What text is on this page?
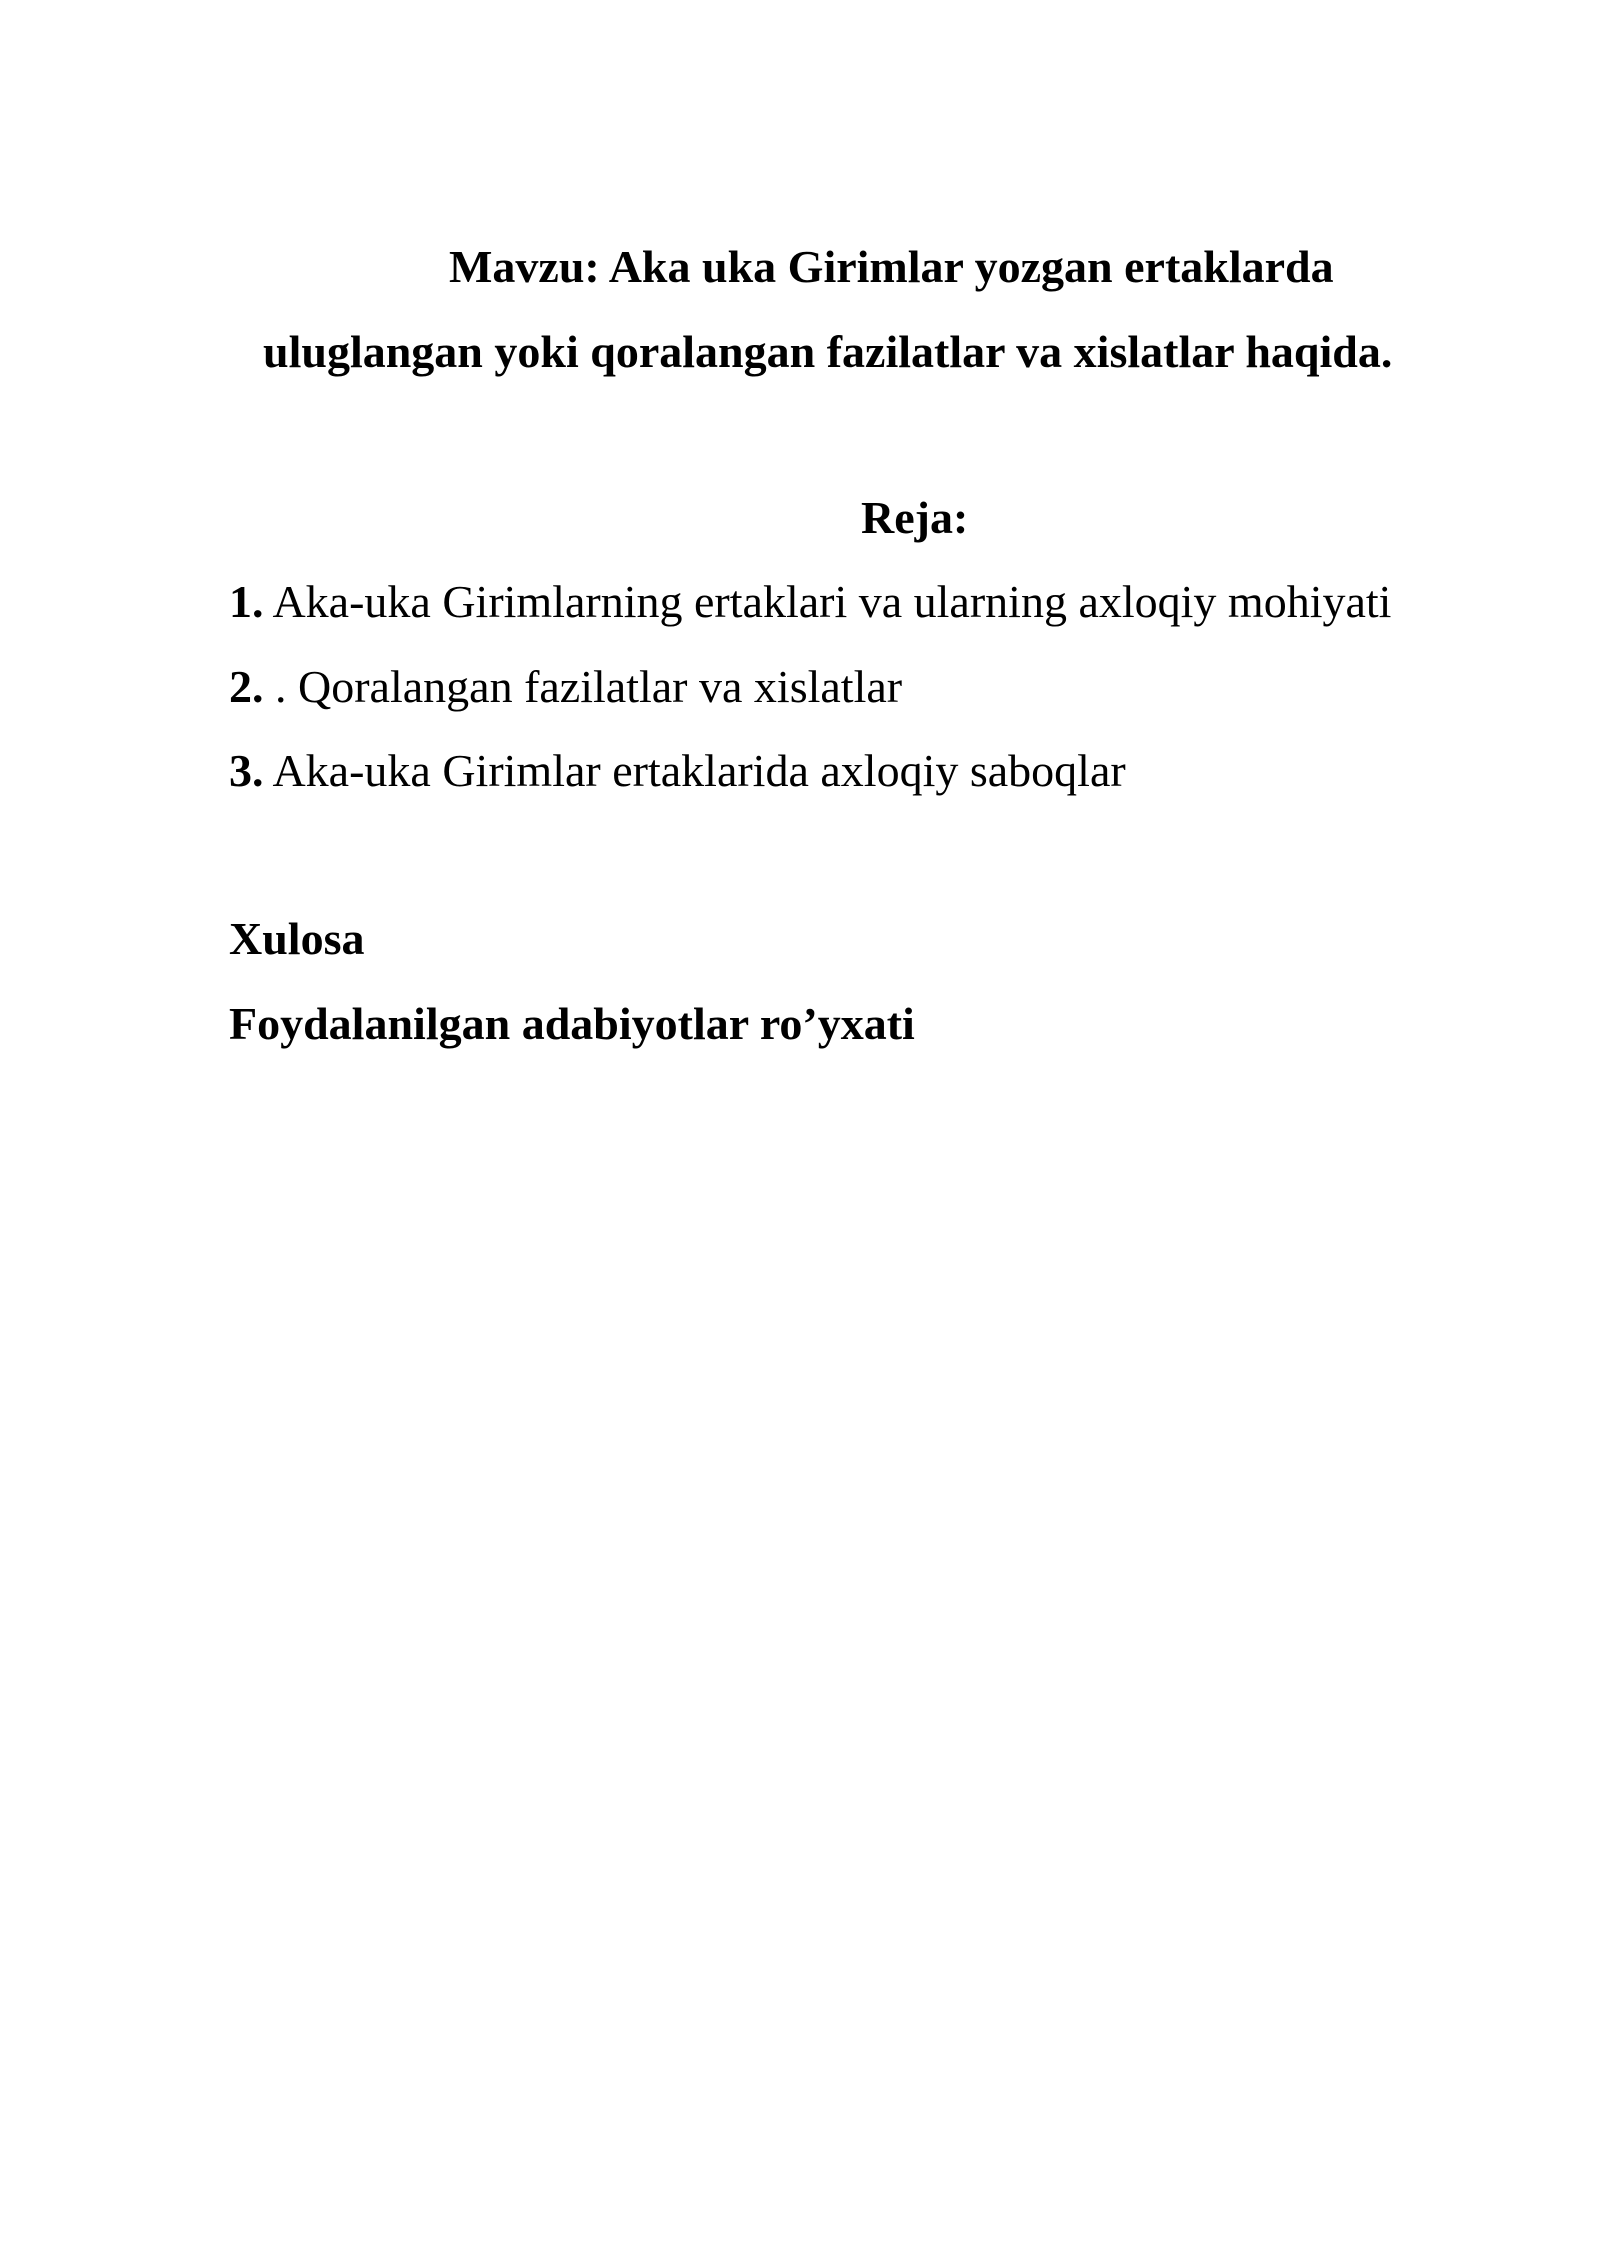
Mavzu: Aka uka Girimlar yozgan ertaklarda
uluglangan yoki qoralangan fazilatlar va xislatlar haqida.
Reja:
1. Aka-uka Girimlarning ertaklari va ularning axloqiy mohiyati
2. . Qoralangan fazilatlar va xislatlar
3. Aka-uka Girimlar ertaklarida axloqiy saboqlar
Xulosa
Foydalanilgan adabiyotlar ro’yxati
